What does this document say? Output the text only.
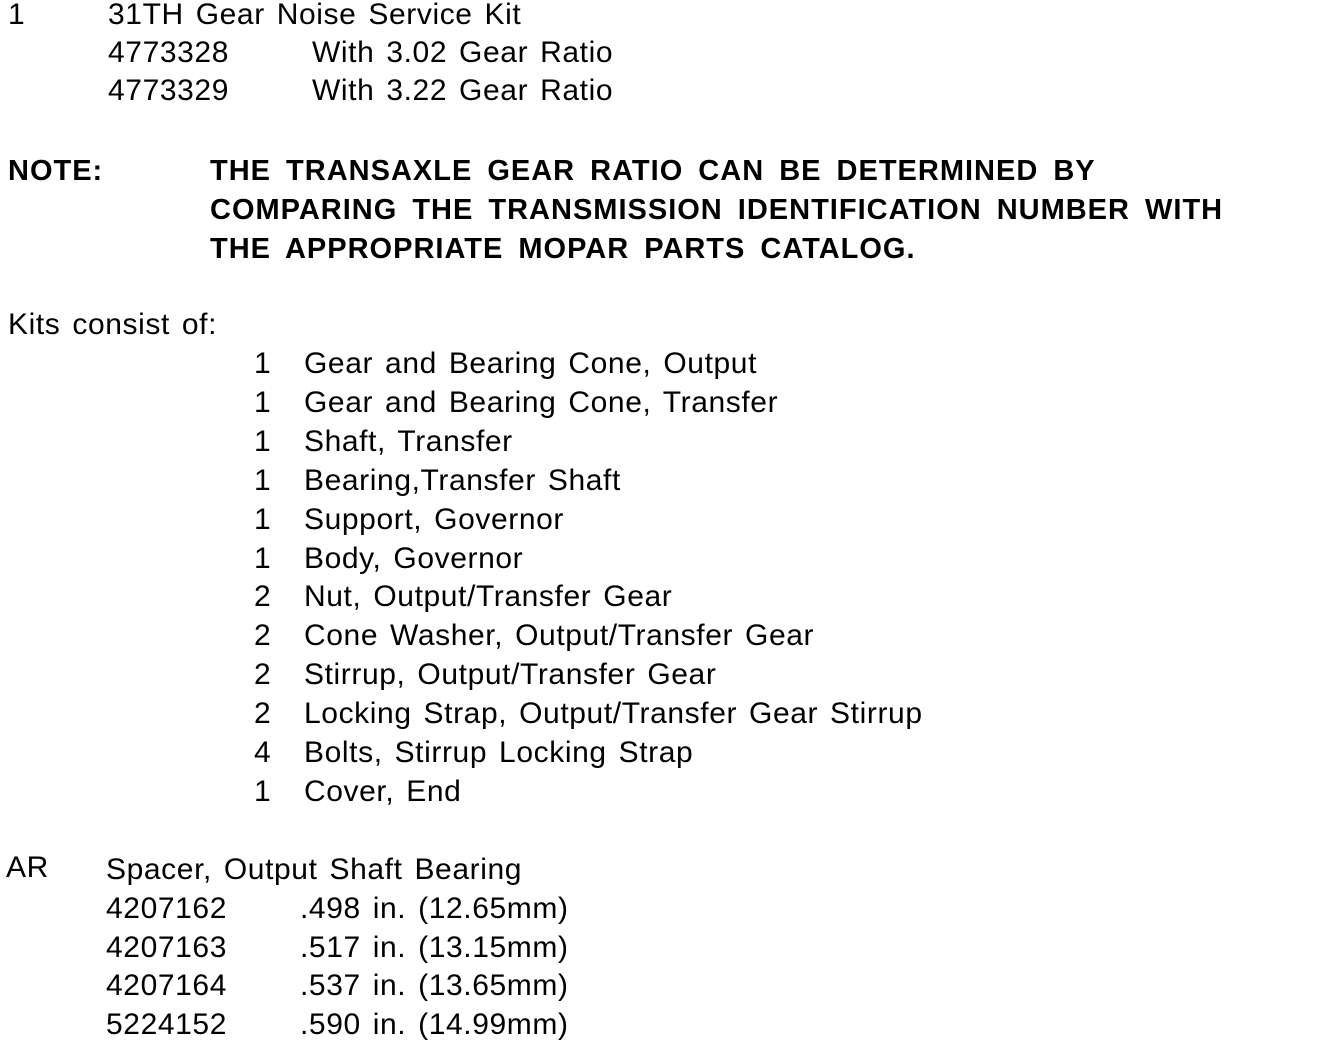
1	31TH Gear Noise Service Kit
4773328	With 3.02 Gear Ratio
4773329	With 3.22 Gear Ratio
NOTE:	THE TRANSAXLE GEAR RATIO CAN BE DETERMINED BY
COMPARING THE TRANSMISSION IDENTIFICATION NUMBER WITH
THE APPROPRIATE MOPAR PARTS CATALOG.
Kits consist of:
1 Gear and Bearing Cone, Output
1 Gear and Bearing Cone, Transfer
1 Shaft, Transfer
1 Bearing,Transfer Shaft
1 Support, Governor
1 Body, Governor
2 Nut, Output/Transfer Gear
2 Cone Washer, Output/Transfer Gear
2 Stirrup, Output/Transfer Gear
2 Locking Strap, Output/Transfer Gear Stirrup
4 Bolts, Stirrup Locking Strap
1 Cover, End
AR Spacer, Output Shaft Bearing
4207162 .498 in. (12.65mm)
4207163 .517 in. (13.15mm)
4207164 .537 in. (13.65mm)
5224152 .590 in. (14.99mm)
